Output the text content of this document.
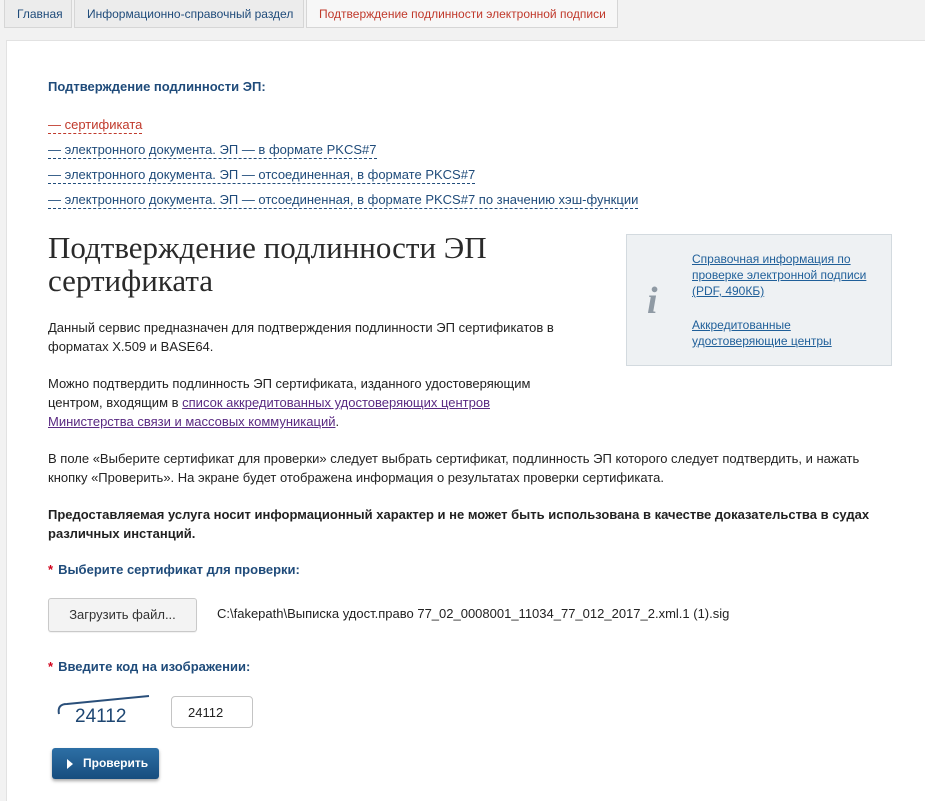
Главная	Информационно-справочный раздел	Подтверждение подлинности электронной подписи
Подтверждение подлинности ЭП:
— сертификата
— электронного документа. ЭП — в формате PKCS#7
— электронного документа. ЭП — отсоединенная, в формате PKCS#7
— электронного документа. ЭП — отсоединенная, в формате PKCS#7 по значению хэш-функции
Подтверждение подлинности ЭП
сертификата	i
Справочная информация по проверке электронной подписи (PDF, 490КБ)
Аккредитованные удостоверяющие центры
Данный сервис предназначен для подтверждения подлинности ЭП сертификатов в форматах X.509 и BASE64.
Можно подтвердить подлинность ЭП сертификата, изданного удостоверяющим центром, входящим в список аккредитованных удостоверяющих центров Министерства связи и массовых коммуникаций.
В поле «Выберите сертификат для проверки» следует выбрать сертификат, подлинность ЭП которого следует подтвердить, и нажать кнопку «Проверить». На экране будет отображена информация о результатах проверки сертификата.
Предоставляемая услуга носит информационный характер и не может быть использована в качестве доказательства в судах различных инстанций.
* Выберите сертификат для проверки:
Загрузить файл...	C:\fakepath\Выписка удост.право 77_02_0008001_11034_77_012_2017_2.xml.1 (1).sig
* Введите код на изображении:
24112
24112
Проверить
